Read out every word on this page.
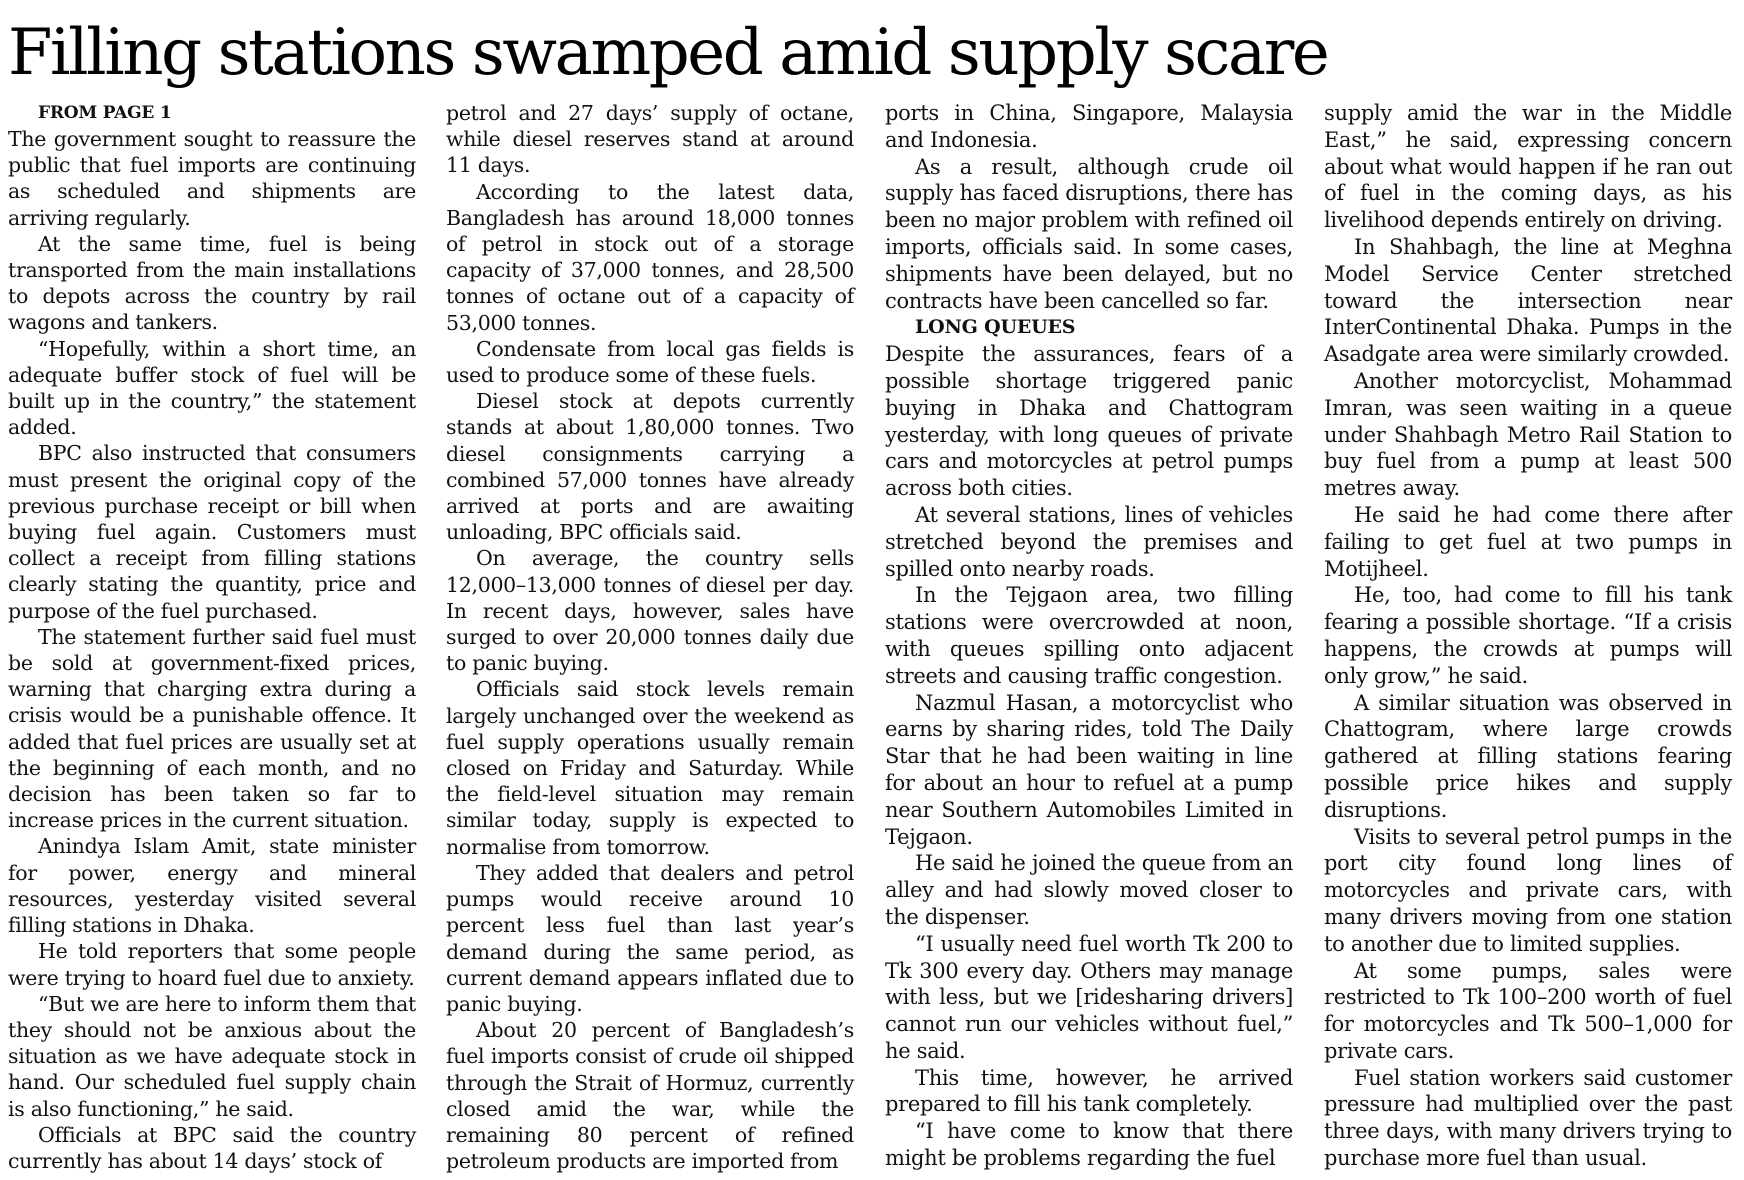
Filling stations swamped amid supply scare

FROM PAGE 1

The government sought to reassure the public that fuel imports are continuing as scheduled and shipments are arriving regularly.

At the same time, fuel is being transported from the main installations to depots across the country by rail wagons and tankers.

“Hopefully, within a short time, an adequate buffer stock of fuel will be built up in the country,” the statement added.

BPC also instructed that consumers must present the original copy of the previous purchase receipt or bill when buying fuel again. Customers must collect a receipt from filling stations clearly stating the quantity, price and purpose of the fuel purchased.

The statement further said fuel must be sold at government-fixed prices, warning that charging extra during a crisis would be a punishable offence. It added that fuel prices are usually set at the beginning of each month, and no decision has been taken so far to increase prices in the current situation.

Anindya Islam Amit, state minister for power, energy and mineral resources, yesterday visited several filling stations in Dhaka.

He told reporters that some people were trying to hoard fuel due to anxiety.

“But we are here to inform them that they should not be anxious about the situation as we have adequate stock in hand. Our scheduled fuel supply chain is also functioning,” he said.

Officials at BPC said the country currently has about 14 days’ stock of

petrol and 27 days’ supply of octane, while diesel reserves stand at around 11 days.

According to the latest data, Bangladesh has around 18,000 tonnes of petrol in stock out of a storage capacity of 37,000 tonnes, and 28,500 tonnes of octane out of a capacity of 53,000 tonnes.

Condensate from local gas fields is used to produce some of these fuels.

Diesel stock at depots currently stands at about 1,80,000 tonnes. Two diesel consignments carrying a combined 57,000 tonnes have already arrived at ports and are awaiting unloading, BPC officials said.

On average, the country sells 12,000–13,000 tonnes of diesel per day. In recent days, however, sales have surged to over 20,000 tonnes daily due to panic buying.

Officials said stock levels remain largely unchanged over the weekend as fuel supply operations usually remain closed on Friday and Saturday. While the field-level situation may remain similar today, supply is expected to normalise from tomorrow.

They added that dealers and petrol pumps would receive around 10 percent less fuel than last year’s demand during the same period, as current demand appears inflated due to panic buying.

About 20 percent of Bangladesh’s fuel imports consist of crude oil shipped through the Strait of Hormuz, currently closed amid the war, while the remaining 80 percent of refined petroleum products are imported from

ports in China, Singapore, Malaysia and Indonesia.

As a result, although crude oil supply has faced disruptions, there has been no major problem with refined oil imports, officials said. In some cases, shipments have been delayed, but no contracts have been cancelled so far.

LONG QUEUES

Despite the assurances, fears of a possible shortage triggered panic buying in Dhaka and Chattogram yesterday, with long queues of private cars and motorcycles at petrol pumps across both cities.

At several stations, lines of vehicles stretched beyond the premises and spilled onto nearby roads.

In the Tejgaon area, two filling stations were overcrowded at noon, with queues spilling onto adjacent streets and causing traffic congestion.

Nazmul Hasan, a motorcyclist who earns by sharing rides, told The Daily Star that he had been waiting in line for about an hour to refuel at a pump near Southern Automobiles Limited in Tejgaon.

He said he joined the queue from an alley and had slowly moved closer to the dispenser.

“I usually need fuel worth Tk 200 to Tk 300 every day. Others may manage with less, but we [ridesharing drivers] cannot run our vehicles without fuel,” he said.

This time, however, he arrived prepared to fill his tank completely.

“I have come to know that there might be problems regarding the fuel

supply amid the war in the Middle East,” he said, expressing concern about what would happen if he ran out of fuel in the coming days, as his livelihood depends entirely on driving.

In Shahbagh, the line at Meghna Model Service Center stretched toward the intersection near InterContinental Dhaka. Pumps in the Asadgate area were similarly crowded.

Another motorcyclist, Mohammad Imran, was seen waiting in a queue under Shahbagh Metro Rail Station to buy fuel from a pump at least 500 metres away.

He said he had come there after failing to get fuel at two pumps in Motijheel.

He, too, had come to fill his tank fearing a possible shortage. “If a crisis happens, the crowds at pumps will only grow,” he said.

A similar situation was observed in Chattogram, where large crowds gathered at filling stations fearing possible price hikes and supply disruptions.

Visits to several petrol pumps in the port city found long lines of motorcycles and private cars, with many drivers moving from one station to another due to limited supplies.

At some pumps, sales were restricted to Tk 100–200 worth of fuel for motorcycles and Tk 500–1,000 for private cars.

Fuel station workers said customer pressure had multiplied over the past three days, with many drivers trying to purchase more fuel than usual.
